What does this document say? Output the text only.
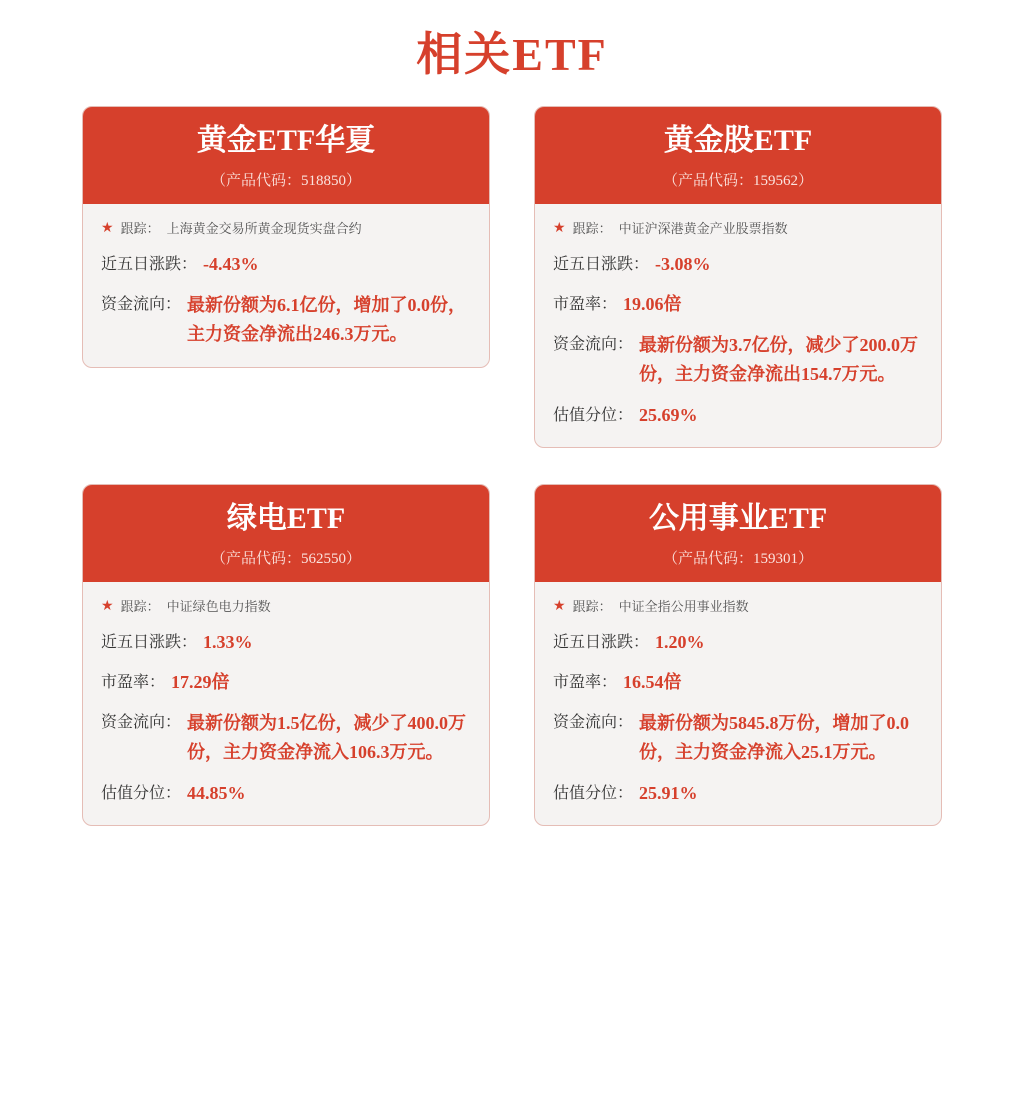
相关ETF
黄金ETF华夏
（产品代码：518850）
★ 跟踪： 上海黄金交易所黄金现货实盘合约
近五日涨跌： -4.43%
资金流向： 最新份额为6.1亿份，增加了0.0份，主力资金净流出246.3万元。
黄金股ETF
（产品代码：159562）
★ 跟踪： 中证沪深港黄金产业股票指数
近五日涨跌： -3.08%
市盈率： 19.06倍
资金流向： 最新份额为3.7亿份，减少了200.0万份，主力资金净流出154.7万元。
估值分位： 25.69%
绿电ETF
（产品代码：562550）
★ 跟踪： 中证绿色电力指数
近五日涨跌： 1.33%
市盈率： 17.29倍
资金流向： 最新份额为1.5亿份，减少了400.0万份，主力资金净流入106.3万元。
估值分位： 44.85%
公用事业ETF
（产品代码：159301）
★ 跟踪： 中证全指公用事业指数
近五日涨跌： 1.20%
市盈率： 16.54倍
资金流向： 最新份额为5845.8万份，增加了0.0份，主力资金净流入25.1万元。
估值分位： 25.91%
